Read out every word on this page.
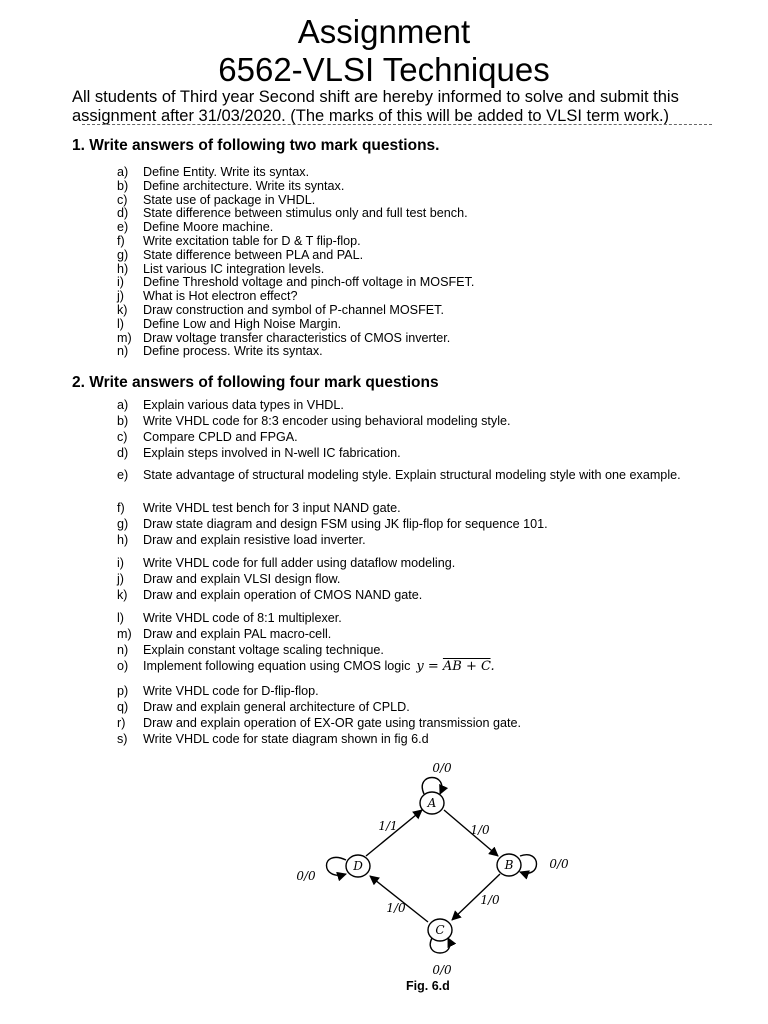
Assignment
6562-VLSI Techniques

All students of Third year Second shift are hereby informed to solve and submit this assignment after 31/03/2020. (The marks of this will be added to VLSI term work.)

1. Write answers of following two mark questions.
a) Define Entity. Write its syntax.
b) Define architecture. Write its syntax.
c) State use of package in VHDL.
d) State difference between stimulus only and full test bench.
e) Define Moore machine.
f) Write excitation table for D & T flip-flop.
g) State difference between PLA and PAL.
h) List various IC integration levels.
i) Define Threshold voltage and pinch-off voltage in MOSFET.
j) What is Hot electron effect?
k) Draw construction and symbol of P-channel MOSFET.
l) Define Low and High Noise Margin.
m) Draw voltage transfer characteristics of CMOS inverter.
n) Define process. Write its syntax.
2. Write answers of following four mark questions
a) Explain various data types in VHDL.
b) Write VHDL code for 8:3 encoder using behavioral modeling style.
c) Compare CPLD and FPGA.
d) Explain steps involved in N-well IC fabrication.
e) State advantage of structural modeling style. Explain structural modeling style with one example.
f) Write VHDL test bench for 3 input NAND gate.
g) Draw state diagram and design FSM using JK flip-flop for sequence 101.
h) Draw and explain resistive load inverter.
i) Write VHDL code for full adder using dataflow modeling.
j) Draw and explain VLSI design flow.
k) Draw and explain operation of CMOS NAND gate.
l) Write VHDL code of 8:1 multiplexer.
m) Draw and explain PAL macro-cell.
n) Explain constant voltage scaling technique.
o) Implement following equation using CMOS logic y = AB + C.
p) Write VHDL code for D-flip-flop.
q) Draw and explain general architecture of CPLD.
r) Draw and explain operation of EX-OR gate using transmission gate.
s) Write VHDL code for state diagram shown in fig 6.d
A
B
C
D
0/0
0/0
0/0
0/0
1/0
1/0
1/0
1/1
Fig. 6.d
